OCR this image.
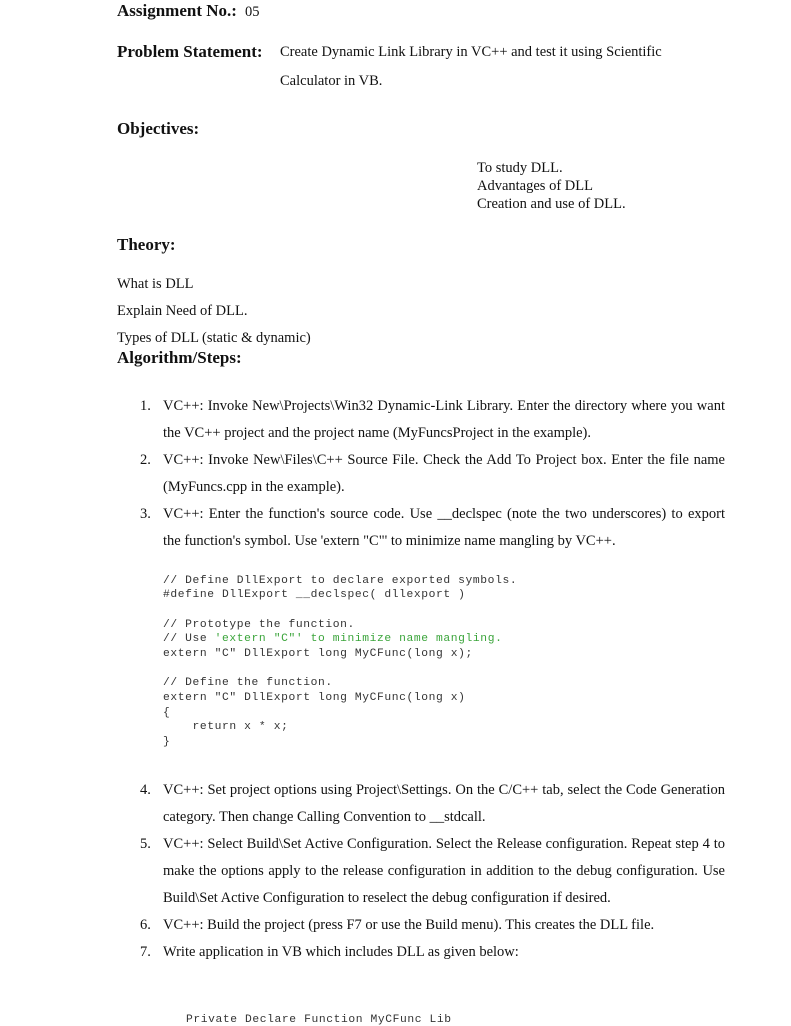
Assignment No.: 05
Problem Statement: Create Dynamic Link Library in VC++ and test it using Scientific
Calculator in VB.
Objectives:
To study DLL.
Advantages of DLL
Creation and use of DLL.
Theory:
What is DLL
Explain Need of DLL.
Types of DLL (static & dynamic)
Algorithm/Steps:
1. VC++: Invoke New\Projects\Win32 Dynamic-Link Library. Enter the directory where you want the VC++ project and the project name (MyFuncsProject in the example).
2. VC++: Invoke New\Files\C++ Source File. Check the Add To Project box. Enter the file name (MyFuncs.cpp in the example).
3. VC++: Enter the function's source code. Use __declspec (note the two underscores) to export the function's symbol. Use 'extern "C"' to minimize name mangling by VC++.
// Define DllExport to declare exported symbols.
#define DllExport __declspec( dllexport )
// Prototype the function.
// Use 'extern "C"' to minimize name mangling.
extern "C" DllExport long MyCFunc(long x);
// Define the function.
extern "C" DllExport long MyCFunc(long x)
{
return x * x;
}
4. VC++: Set project options using Project\Settings. On the C/C++ tab, select the Code Generation category. Then change Calling Convention to __stdcall.
5. VC++: Select Build\Set Active Configuration. Select the Release configuration. Repeat step 4 to make the options apply to the release configuration in addition to the debug configuration. Use Build\Set Active Configuration to reselect the debug configuration if desired.
6. VC++: Build the project (press F7 or use the Build menu). This creates the DLL file.
7. Write application in VB which includes DLL as given below:
Private Declare Function MyCFunc Lib
